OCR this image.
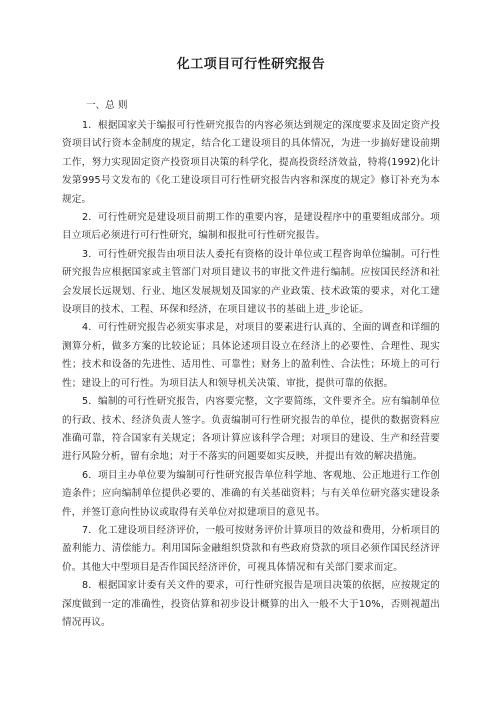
化工项目可行性研究报告
一、总 则

1．根据国家关于编报可行性研究报告的内容必须达到规定的深度要求及固定资产投资项目试行资本金制度的规定，结合化工建设项目的具体情况，为进一步搞好建设前期工作，努力实现固定资产投资项目决策的科学化，提高投资经济效益，特将(1992)化计发第995号文发布的《化工建设项目可行性研究报告内容和深度的规定》修订补充为本规定。

2．可行性研究是建设项目前期工作的重要内容，是建设程序中的重要组成部分。项目立项后必须进行可行性研究，编制和报批可行性研究报告。

3．可行性研究报告由项目法人委托有资格的设计单位或工程咨询单位编制。可行性研究报告应根据国家或主管部门对项目建议书的审批文件进行编制。应按国民经济和社会发展长远规划、行业、地区发展规划及国家的产业政策、技术政策的要求，对化工建设项目的技术、工程、环保和经济，在项目建议书的基础上进_步论证。

4．可行性研究报告必须实事求是，对项目的要素进行认真的、全面的调查和详细的测算分析，做多方案的比较论证；具体论述项目设立在经济上的必要性、合理性、现实性；技术和设备的先进性、适用性、可靠性；财务上的盈利性、合法性；环境上的可行性；建设上的可行性。为项目法人和领导机关决策、审批，提供可靠的依据。

5．编制的可行性研究报告，内容要完整，文字要简练，文件要齐全。应有编制单位的行政、技术、经济负责人签字。负责编制可行性研究报告的单位，提供的数据资料应准确可靠，符合国家有关规定；各项计算应该科学合理；对项目的建设、生产和经营要进行风险分析，留有余地；对于不落实的问题要如实反映，并提出有效的解决措施。

6．项目主办单位要为编制可行性研究报告单位科学地、客观地、公正地进行工作创造条件；应向编制单位提供必要的、准确的有关基础资料；与有关单位研究落实建设条件，并签订意向性协议或取得有关单位对拟建项目的意见书。

7．化工建设项目经济评价，一般可按财务评价计算项目的效益和费用，分析项目的盈利能力、清偿能力。利用国际金融组织贷款和有些政府贷款的项目必须作国民经济评价。其他大中型项目是否作国民经济评价，可视具体情况和有关部门要求而定。

8．根据国家计委有关文件的要求，可行性研究报告是项目决策的依据，应按规定的深度做到一定的准确性，投资估算和初步设计概算的出入一般不大于10%，否则视超出情况再议。
